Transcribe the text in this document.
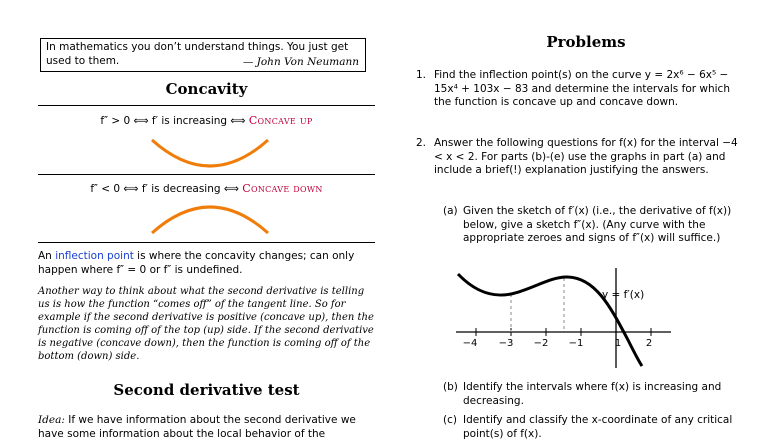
In mathematics you don’t understand things. You just get used to them.	— John Von Neumann
Concavity
f″ > 0 ⟺ f′ is increasing ⟺ Concave up
f″ < 0 ⟺ f′ is decreasing ⟺ Concave down
An inflection point is where the concavity changes; can only happen where f″ = 0 or f″ is undefined.
Another way to think about what the second derivative is telling us is how the function “comes off” of the tangent line. So for example if the second derivative is positive (concave up), then the function is coming off of the top (up) side. If the second derivative is negative (concave down), then the function is coming off of the bottom (down) side.
Second derivative test
Idea: If we have information about the second derivative we have some information about the local behavior of the
Problems
1. Find the inflection point(s) on the curve y = 2x⁶ − 6x⁵ − 15x⁴ + 103x − 83 and determine the intervals for which the function is concave up and concave down.
2. Answer the following questions for f(x) for the interval −4 < x < 2. For parts (b)-(e) use the graphs in part (a) and include a brief(!) explanation justifying the answers.
(a) Given the sketch of f′(x) (i.e., the derivative of f(x)) below, give a sketch f″(x). (Any curve with the appropriate zeroes and signs of f″(x) will suffice.)
y = f′(x)
−4 −3 −2 −1	1 2
(b) Identify the intervals where f(x) is increasing and decreasing.
(c) Identify and classify the x-coordinate of any critical point(s) of f(x).
